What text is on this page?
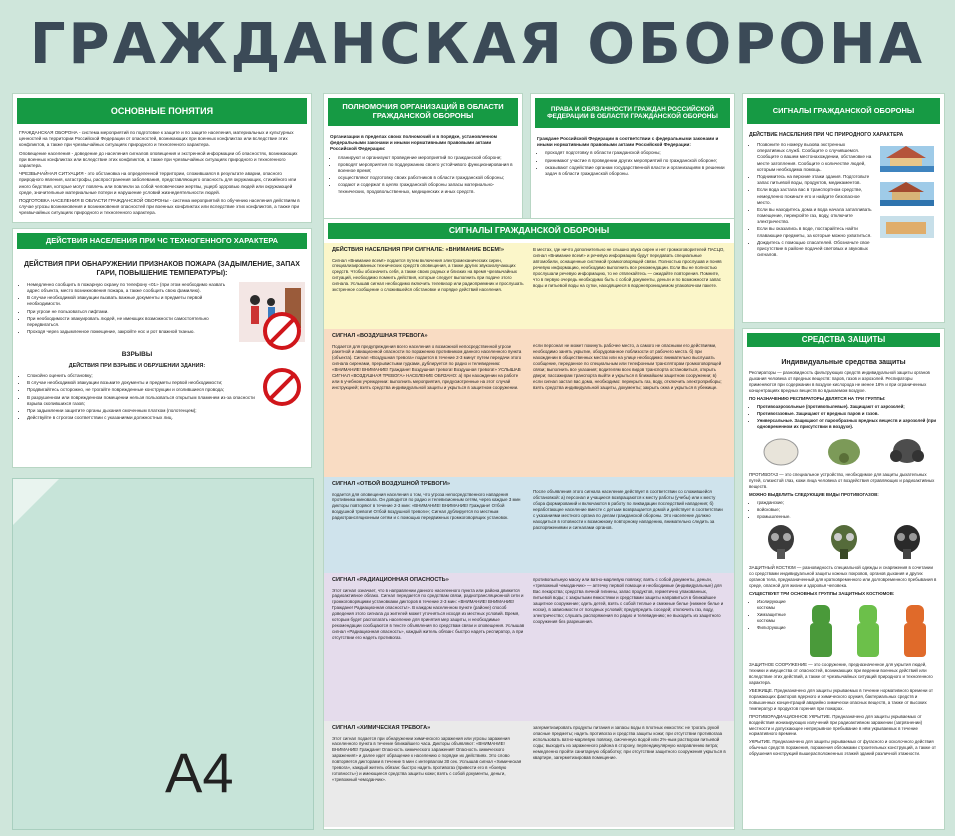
ГРАЖДАНСКАЯ ОБОРОНА
ОСНОВНЫЕ ПОНЯТИЯ

ГРАЖДАНСКАЯ ОБОРОНА - система мероприятий по подготовке к защите и по защите населения, материальных и культурных ценностей на территории Российской Федерации от опасностей, возникающих при военных конфликтах или вследствие этих конфликтов, а также при чрезвычайных ситуациях природного и техногенного характера.

Оповещение населения - доведение до населения сигналов оповещения и экстренной информации об опасностях, возникающих при военных конфликтах или вследствие этих конфликтов, а также при чрезвычайных ситуациях природного и техногенного характера.

ЧРЕЗВЫЧАЙНАЯ СИТУАЦИЯ - это обстановка на определенной территории, сложившаяся в результате аварии, опасного природного явления, катастрофы, распространения заболевания, представляющего опасность для окружающих, стихийного или иного бедствия, которые могут повлечь или повлекли за собой человеческие жертвы, ущерб здоровью людей или окружающей среде, значительные материальные потери и нарушение условий жизнедеятельности людей.

ПОДГОТОВКА НАСЕЛЕНИЯ В ОБЛАСТИ ГРАЖДАНСКОЙ ОБОРОНЫ - система мероприятий по обучению населения действиям в случае угрозы возникновения и возникновения опасностей при военных конфликтах или вследствие этих конфликтов, а также при чрезвычайных ситуациях природного и техногенного характера.

ПОЛНОМОЧИЯ ОРГАНИЗАЦИЙ В ОБЛАСТИ ГРАЖДАНСКОЙ ОБОРОНЫ

Организации в пределах своих полномочий и в порядке, установленном федеральными законами и иными нормативными правовыми актами Российской Федерации:

• планируют и организуют проведение мероприятий по гражданской обороне;
• проводят мероприятия по поддержанию своего устойчивого функционирования в военное время;
• осуществляют подготовку своих работников в области гражданской обороны;
• создают и содержат в целях гражданской обороны запасы материально-технических, продовольственных, медицинских и иных средств.
ПРАВА И ОБЯЗАННОСТИ ГРАЖДАН РОССИЙСКОЙ ФЕДЕРАЦИИ В ОБЛАСТИ ГРАЖДАНСКОЙ ОБОРОНЫ

Граждане Российской Федерации в соответствии с федеральными законами и иными нормативными правовыми актами Российской Федерации:

• проходят подготовку в области гражданской обороны;
• принимают участие в проведении других мероприятий по гражданской обороне;
• оказывают содействие органам государственной власти и организациям в решении задач в области гражданской обороны.
СИГНАЛЫ ГРАЖДАНСКОЙ ОБОРОНЫ
ДЕЙСТВИЕ НАСЕЛЕНИЯ ПРИ ЧС ПРИРОДНОГО ХАРАКТЕРА
• Позвоните по номеру вызова экстренных оперативных служб. Сообщите о случившемся. Сообщите о вашем местонахождении, обстановке на месте затопления. Сообщите о количестве людей, которым необходима помощь.
• Поднимитесь на верхние этажи здания. Подготовьте запас питьевой воды, продуктов, медикаментов.
• Если вода застала вас в транспортном средстве, немедленно покиньте его и найдите безопасное место.
• Если вы находитесь дома и вода начала затапливать помещение, перекройте газ, воду, отключите электричество.
• Если вы оказались в воде, постарайтесь найти плавающие предметы, за которые можно ухватиться.
• Дождитесь с помощью спасателей. Обозначьте свое присутствие в районе подачей световых и звуковых сигналов.
ДЕЙСТВИЯ НАСЕЛЕНИЯ ПРИ ЧС ТЕХНОГЕННОГО ХАРАКТЕРА
ДЕЙСТВИЯ ПРИ ОБНАРУЖЕНИИ ПРИЗНАКОВ ПОЖАРА (ЗАДЫМЛЕНИЕ, ЗАПАХ ГАРИ, ПОВЫШЕНИЕ ТЕМПЕРАТУРЫ):
• Немедленно сообщить в пожарную охрану по телефону «01» (при этом необходимо назвать адрес объекта, место возникновения пожара, а также сообщить свою фамилию).
• В случае необходимой эвакуации вызвать важные документы и предметы первой необходимости.
• При угрозе не пользоваться лифтами.
• При необходимости эвакуировать людей, не имеющих возможности самостоятельно передвигаться.
• Проходя через задымленное помещение, закройте нос и рот влажной тканью.
ВЗРЫВЫ
ДЕЙСТВИЯ ПРИ ВЗРЫВЕ И ОБРУШЕНИИ ЗДАНИЯ:
• Спокойно оценить обстановку;
• В случае необходимой эвакуации возьмите документы и предметы первой необходимости;
• Продвигайтесь осторожно, не трогайте поврежденные конструкции и оголившиеся провода;
• В разрушенном или поврежденном помещении нельзя пользоваться открытым пламенем из-за опасности взрыва скопившихся газов;
• При задымлении защитите органы дыхания смоченным платком (полотенцем);
• Действуйте в строгом соответствии с указаниями должностных лиц.
A4
СИГНАЛЫ ГРАЖДАНСКОЙ ОБОРОНЫ
ДЕЙСТВИЯ НАСЕЛЕНИЯ ПРИ СИГНАЛЕ: «ВНИМАНИЕ ВСЕМ!»

Сигнал «Внимание всем!» подается путем включения электромеханических сирен, специализированных технических средств оповещения, а также других звукоизлучающих средств. Чтобы обозначить себя, а также своих родных и близких на время чрезвычайных ситуаций, необходимо помнить действия, которые следует выполнить при подаче этого сигнала. Услышав сигнал необходимо включить телевизор или радиоприемник и прослушать экстренное сообщение о сложившейся обстановке и порядке действий населения.

В местах, где ничто дополнительно не слышно звука сирен и нет громкоговорителей ПАСЦО, сигнал «Внимание всем!» и речевую информацию будут передавать специальные автомобили, оснащенные системой громкоговорящей связи. Полностью прослушав и поняв речевую информацию, необходимо выполнить все рекомендации. Если Вы не полностью прослушали речевую информацию, то не отвлекайтесь — ожидайте повторения. Помните, что в первую очередь необходимо быть с собой документы, деньги и по возможности запас воды и питьевой воды на сутки, находящиеся в водонепроницаемом упаковочном пакете.

СИГНАЛ «ВОЗДУШНАЯ ТРЕВОГА»

Подается для предупреждения всего населения о возможной непосредственной угрозе ракетной и авиационной опасности по поражению противником данного населенного пункта (объекта). Сигнал «Воздушная тревога» подается в течение 2-3 минут путем передачи этого сигнала сиренами, прерывистыми гудками, дублируется по радио и телевидению: «ВНИМАНИЕ! ВНИМАНИЕ! Граждане! Воздушная тревога! Воздушная тревога!» УСЛЫШАВ СИГНАЛ «ВОЗДУШНАЯ ТРЕВОГА» НАСЕЛЕНИЕ ОБЯЗАНО: а) при нахождении на работе или в учебном учреждении: выполнить мероприятия, предусмотренные на этот случай инструкцией; взять средства индивидуальной защиты и укрыться в защитном сооружении.

если персонал не может покинуть рабочее место, а самого не опасными его действиями, необходимо занять укрытие, оборудованное поблизости от рабочего места. б) при нахождении в общественных местах или на улице необходимо: внимательно выслушать сообщение, переданное по специальным или телефонным трансляторам громкоговорящей связи; выполнить все указания; водителям всех видов транспорта остановиться, открыть двери; пассажирам транспорта выйти и укрыться в ближайшем защитном сооружении; в) если сигнал застал вас дома, необходимо: перекрыть газ, воду, отключить электроприборы; взять средства индивидуальной защиты, документы; закрыть окна и укрыться в убежище.

СИГНАЛ «ОТБОЙ ВОЗДУШНОЙ ТРЕВОГИ»

подается для оповещения населения о том, что угроза непосредственного нападения противника миновала. Он доводится по радио и телевизионным сетям, через каждые 3 мин дикторы повторяют в течение 2-3 мин: «ВНИМАНИЕ! ВНИМАНИЕ! Граждане! Отбой воздушной тревоги! Отбой воздушной тревоги»; Сигнал дублируется по местным радиотрансляционным сетям и с помощью передвижных громкоговорящих установок.

После объявления этого сигнала население действует в соответствии со сложившейся обстановкой: а) персонал и учащиеся возвращаются к месту работы (учебы) или к месту сбора формирований и включаются в работу по ликвидации последствий нападения; б) неработающее население вместе с детьми возвращается домой и действует в соответствии с указаниями местного органа по делам гражданской обороны. Это население должно находиться в готовности к возможному повторному нападению, внимательно следить за распоряжениями и сигналами органов.

СИГНАЛ «РАДИАЦИОННАЯ ОПАСНОСТЬ»

Этот сигнал означает, что в направлении данного населенного пункта или района движется радиоактивное облако. Сигнал передается по средствам связи, радиотрансляционной сети и громкоговорящими установками дикторов в течение 2-3 мин: «ВНИМАНИЕ! ВНИМАНИЕ! Граждане! Радиационная опасность!». В каждом населенном пункте (районе) способ доведения этого сигнала до жителей может уточняться исходя из местных условий. Время, которым будет располагать население для принятия мер защиты, и необходимые рекомендации сообщаются в тексте объявления по средствам связи и оповещения. Услышав сигнал «Радиационная опасность», каждый житель обязан: быстро надеть респиратор, а при отсутствии его надеть противогаз.

противопыльную маску или ватно-марлевую повязку; взять с собой документы, деньги, «тревожный чемоданчик» — аптечку первой помощи и необходимые (индивидуальные) для Вас лекарства; средства личной гигиены, запас продуктов, герметично упакованных, питьевой воды; с закрытыми ёмкостями и средствами защиты направиться в ближайшее защитное сооружение; одеть детей, взять с собой теплые и смежные белье (нижнее белье и носки), в зависимости от погодных условий; предупредить соседей; отключить газ, воду, электричество; слушать распоряжения по радио и телевидению; не выходить из защитного сооружения без разрешения.

СИГНАЛ «ХИМИЧЕСКАЯ ТРЕВОГА»

Этот сигнал подается при обнаружении химического заражения или угрозы заражения населенного пункта в течение ближайшего часа. Дикторы объявляют: «ВНИМАНИЕ! ВНИМАНИЕ! Граждане! Опасность химического заражения! Опасность химического заражения!» и далее идет обращение к населению о порядке их действиях. Это слово повторяется дикторами в течение 5 мин с интервалом 30 сек. Услышав сигнал «Химическая тревога», каждый житель обязан: быстро надеть противогаз (привести его в «боевую готовность») и имеющиеся средства защиты кожи; взять с собой документы, деньги, «тревожный чемоданчик».

загерметизировать продукты питания и запасы воды в плотных емкостях: не трогать рукой опасные предметы; надеть противогаз и средства защиты кожи; при отсутствии противогаза использовать ватно-марлевую повязку, смоченную водой или 2%-ным раствором питьевой соды; выходить из зараженного района в сторону, перпендикулярную направлению ветра; немедленно пройти санитарную обработку; при отсутствии защитного сооружения укрыться в квартире, загерметизировав помещение.

СРЕДСТВА ЗАЩИТЫ
Индивидуальные средства защиты

Респираторы — разновидность фильтрующих средств индивидуальной защиты органов дыхания человека от вредных веществ: паров, газов и аэрозолей. Респираторы применяются при содержании в воздухе кислорода не менее 18% и при ограниченных концентрациях вредных веществ во вдыхаемом воздухе.

ПО НАЗНАЧЕНИЮ РЕСПИРАТОРЫ ДЕЛЯТСЯ НА ТРИ ГРУППЫ:

• Противоаэрозольные (противопылевые). Защищают от аэрозолей;
• Противогазовые. Защищают от вредных паров и газов.
• Универсальные. Защищают от парообразных вредных веществ и аэрозолей (при одновременном их присутствии в воздухе).

ПРОТИВОГАЗ — это специальное устройство, необходимое для защиты дыхательных путей, слизистой глаз, кожи лица человека от воздействия отравляющих и радиоактивных веществ.

МОЖНО ВЫДЕЛИТЬ СЛЕДУЮЩИЕ ВИДЫ ПРОТИВОГАЗОВ:

• гражданские;
• войсковые;
• промышленные.

ЗАЩИТНЫЙ КОСТЮМ — разновидность специальной одежды и снаряжения в сочетании со средствами индивидуальной защиты кожных покровов, органов дыхания и других органов тела, предназначенный для кратковременного или долговременного пребывания в среде, опасной для жизни и здоровья человека.

СУЩЕСТВУЕТ ТРИ ОСНОВНЫХ ГРУППЫ ЗАЩИТНЫХ КОСТЮМОВ:

• Изолирующие костюмы
• Химзащитные костюмы
• Фильтрующие

ЗАЩИТНОЕ СООРУЖЕНИЕ — это сооружение, предназначенное для укрытия людей, техники и имущества от опасностей, возникающих при ведении военных действий или вследствие этих действий, а также от чрезвычайных ситуаций природного и техногенного характера.

УБЕЖИЩЕ. Предназначено для защиты укрываемых в течение нормативного времени от поражающих факторов ядерного и химического оружия, бактериальных средств и повышенных концентраций аварийно химически опасных веществ, а также от высоких температур и продуктов горения при пожарах.

ПРОТИВОРАДИАЦИОННОЕ УКРЫТИЕ. Предназначено для защиты укрываемых от воздействия ионизирующих излучений при радиоактивном заражении (загрязнении) местности и допускающее непрерывное пребывание в нём укрываемых в течение нормативного времени.

УКРЫТИЕ. Предназначено для защиты укрываемых от фугасного и осколочного действия обычных средств поражения, поражения обломками строительных конструкций, а также от обрушения конструкций вышерасположенных этажей зданий различной этажности.
